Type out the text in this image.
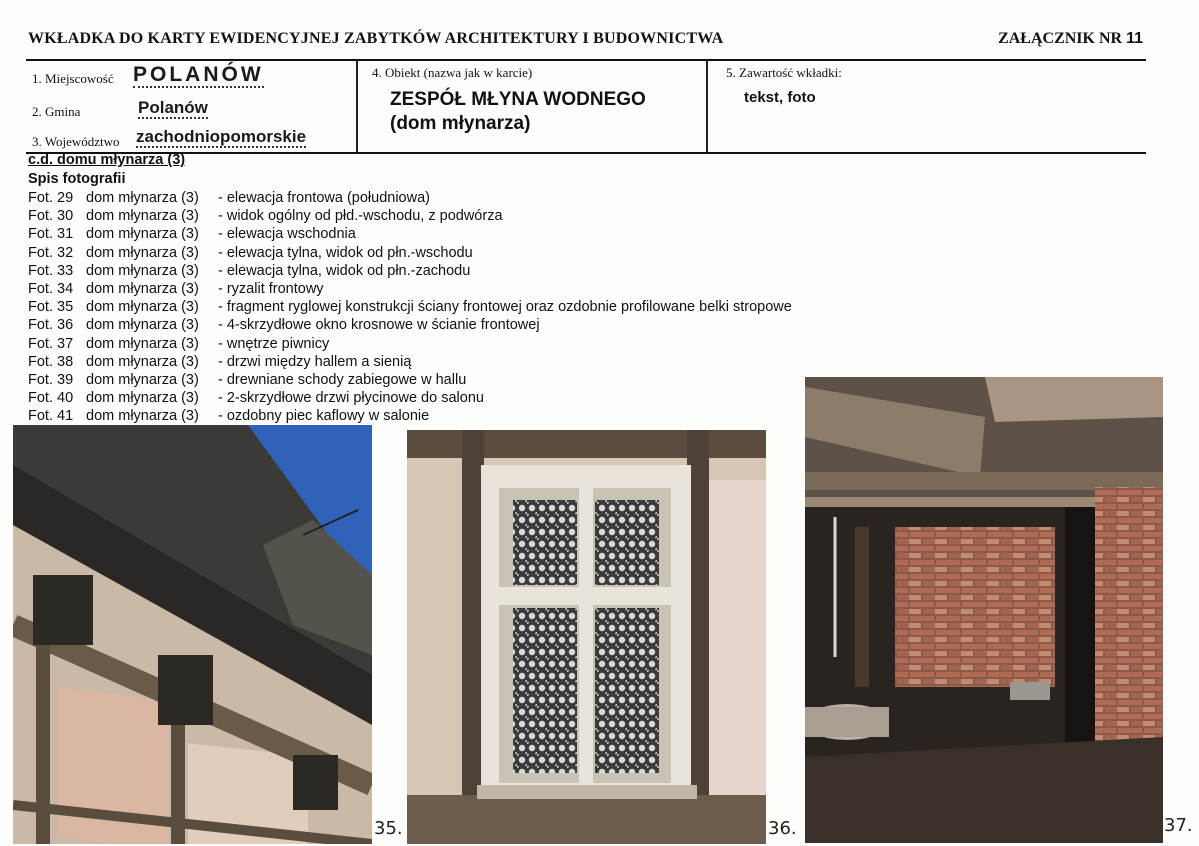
WKŁADKA DO KARTY EWIDENCYJNEJ ZABYTKÓW ARCHITEKTURY I BUDOWNICTWA	ZAŁĄCZNIK NR 11
1. Miejscowość POLANÓW
2. Gmina	Polanów
3. Województwo zachodniopomorskie
4. Obiekt (nazwa jak w karcie)
ZESPÓŁ MŁYNA WODNEGO
(dom młynarza)
5. Zawartość wkładki:
tekst, foto
c.d. domu młynarza (3)
Spis fotografii
Fot. 29 dom młynarza (3) - elewacja frontowa (południowa)
Fot. 30 dom młynarza (3) - widok ogólny od płd.-wschodu, z podwórza
Fot. 31 dom młynarza (3) - elewacja wschodnia
Fot. 32 dom młynarza (3) - elewacja tylna, widok od płn.-wschodu
Fot. 33 dom młynarza (3) - elewacja tylna, widok od płn.-zachodu
Fot. 34 dom młynarza (3) - ryzalit frontowy
Fot. 35 dom młynarza (3) - fragment ryglowej konstrukcji ściany frontowej oraz ozdobnie profilowane belki stropowe
Fot. 36 dom młynarza (3) - 4-skrzydłowe okno krosnowe w ścianie frontowej
Fot. 37 dom młynarza (3) - wnętrze piwnicy
Fot. 38 dom młynarza (3) - drzwi między hallem a sienią
Fot. 39 dom młynarza (3) - drewniane schody zabiegowe w hallu
Fot. 40 dom młynarza (3) - 2-skrzydłowe drzwi płycinowe do salonu
Fot. 41 dom młynarza (3) - ozdobny piec kaflowy w salonie
35.	36.	37.
